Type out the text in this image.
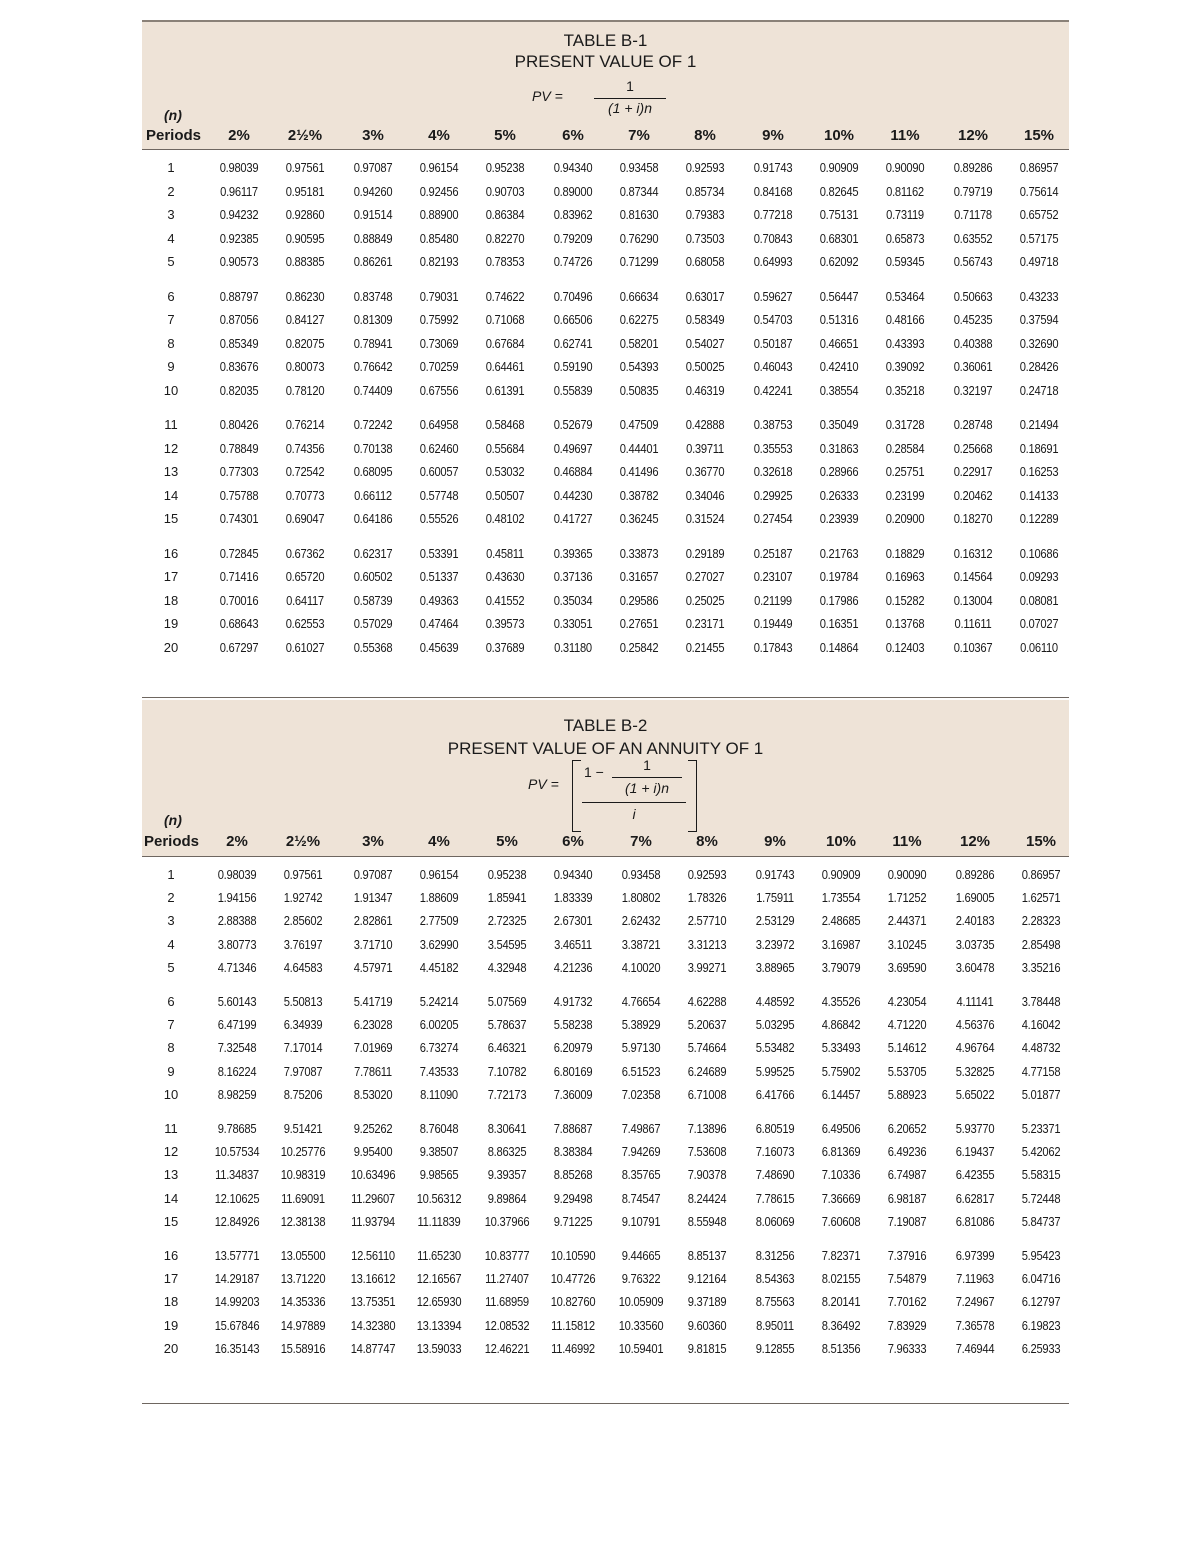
TABLE B-1
PRESENT VALUE OF 1
PV =
1
(1 + i)n
(n)
Periods	2%	2½%	3%	4%	5%	6%	7%	8%	9%	10%	11%	12%	15%
1	0.98039	0.97561	0.97087	0.96154	0.95238	0.94340	0.93458	0.92593	0.91743	0.90909	0.90090	0.89286	0.86957
2	0.96117	0.95181	0.94260	0.92456	0.90703	0.89000	0.87344	0.85734	0.84168	0.82645	0.81162	0.79719	0.75614
3	0.94232	0.92860	0.91514	0.88900	0.86384	0.83962	0.81630	0.79383	0.77218	0.75131	0.73119	0.71178	0.65752
4	0.92385	0.90595	0.88849	0.85480	0.82270	0.79209	0.76290	0.73503	0.70843	0.68301	0.65873	0.63552	0.57175
5	0.90573	0.88385	0.86261	0.82193	0.78353	0.74726	0.71299	0.68058	0.64993	0.62092	0.59345	0.56743	0.49718
6	0.88797	0.86230	0.83748	0.79031	0.74622	0.70496	0.66634	0.63017	0.59627	0.56447	0.53464	0.50663	0.43233
7	0.87056	0.84127	0.81309	0.75992	0.71068	0.66506	0.62275	0.58349	0.54703	0.51316	0.48166	0.45235	0.37594
8	0.85349	0.82075	0.78941	0.73069	0.67684	0.62741	0.58201	0.54027	0.50187	0.46651	0.43393	0.40388	0.32690
9	0.83676	0.80073	0.76642	0.70259	0.64461	0.59190	0.54393	0.50025	0.46043	0.42410	0.39092	0.36061	0.28426
10	0.82035	0.78120	0.74409	0.67556	0.61391	0.55839	0.50835	0.46319	0.42241	0.38554	0.35218	0.32197	0.24718
11	0.80426	0.76214	0.72242	0.64958	0.58468	0.52679	0.47509	0.42888	0.38753	0.35049	0.31728	0.28748	0.21494
12	0.78849	0.74356	0.70138	0.62460	0.55684	0.49697	0.44401	0.39711	0.35553	0.31863	0.28584	0.25668	0.18691
13	0.77303	0.72542	0.68095	0.60057	0.53032	0.46884	0.41496	0.36770	0.32618	0.28966	0.25751	0.22917	0.16253
14	0.75788	0.70773	0.66112	0.57748	0.50507	0.44230	0.38782	0.34046	0.29925	0.26333	0.23199	0.20462	0.14133
15	0.74301	0.69047	0.64186	0.55526	0.48102	0.41727	0.36245	0.31524	0.27454	0.23939	0.20900	0.18270	0.12289
16	0.72845	0.67362	0.62317	0.53391	0.45811	0.39365	0.33873	0.29189	0.25187	0.21763	0.18829	0.16312	0.10686
17	0.71416	0.65720	0.60502	0.51337	0.43630	0.37136	0.31657	0.27027	0.23107	0.19784	0.16963	0.14564	0.09293
18	0.70016	0.64117	0.58739	0.49363	0.41552	0.35034	0.29586	0.25025	0.21199	0.17986	0.15282	0.13004	0.08081
19	0.68643	0.62553	0.57029	0.47464	0.39573	0.33051	0.27651	0.23171	0.19449	0.16351	0.13768	0.11611	0.07027
20	0.67297	0.61027	0.55368	0.45639	0.37689	0.31180	0.25842	0.21455	0.17843	0.14864	0.12403	0.10367	0.06110
TABLE B-2
PRESENT VALUE OF AN ANNUITY OF 1
PV =
1 −	1
(1 + i)n
i
(n)
Periods	2%	2½%	3%	4%	5%	6%	7%	8%	9%	10%	11%	12%	15%
1	0.98039	0.97561	0.97087	0.96154	0.95238	0.94340	0.93458	0.92593	0.91743	0.90909	0.90090	0.89286	0.86957
2	1.94156	1.92742	1.91347	1.88609	1.85941	1.83339	1.80802	1.78326	1.75911	1.73554	1.71252	1.69005	1.62571
3	2.88388	2.85602	2.82861	2.77509	2.72325	2.67301	2.62432	2.57710	2.53129	2.48685	2.44371	2.40183	2.28323
4	3.80773	3.76197	3.71710	3.62990	3.54595	3.46511	3.38721	3.31213	3.23972	3.16987	3.10245	3.03735	2.85498
5	4.71346	4.64583	4.57971	4.45182	4.32948	4.21236	4.10020	3.99271	3.88965	3.79079	3.69590	3.60478	3.35216
6	5.60143	5.50813	5.41719	5.24214	5.07569	4.91732	4.76654	4.62288	4.48592	4.35526	4.23054	4.11141	3.78448
7	6.47199	6.34939	6.23028	6.00205	5.78637	5.58238	5.38929	5.20637	5.03295	4.86842	4.71220	4.56376	4.16042
8	7.32548	7.17014	7.01969	6.73274	6.46321	6.20979	5.97130	5.74664	5.53482	5.33493	5.14612	4.96764	4.48732
9	8.16224	7.97087	7.78611	7.43533	7.10782	6.80169	6.51523	6.24689	5.99525	5.75902	5.53705	5.32825	4.77158
10	8.98259	8.75206	8.53020	8.11090	7.72173	7.36009	7.02358	6.71008	6.41766	6.14457	5.88923	5.65022	5.01877
11	9.78685	9.51421	9.25262	8.76048	8.30641	7.88687	7.49867	7.13896	6.80519	6.49506	6.20652	5.93770	5.23371
12	10.57534	10.25776	9.95400	9.38507	8.86325	8.38384	7.94269	7.53608	7.16073	6.81369	6.49236	6.19437	5.42062
13	11.34837	10.98319	10.63496	9.98565	9.39357	8.85268	8.35765	7.90378	7.48690	7.10336	6.74987	6.42355	5.58315
14	12.10625	11.69091	11.29607	10.56312	9.89864	9.29498	8.74547	8.24424	7.78615	7.36669	6.98187	6.62817	5.72448
15	12.84926	12.38138	11.93794	11.11839	10.37966	9.71225	9.10791	8.55948	8.06069	7.60608	7.19087	6.81086	5.84737
16	13.57771	13.05500	12.56110	11.65230	10.83777	10.10590	9.44665	8.85137	8.31256	7.82371	7.37916	6.97399	5.95423
17	14.29187	13.71220	13.16612	12.16567	11.27407	10.47726	9.76322	9.12164	8.54363	8.02155	7.54879	7.11963	6.04716
18	14.99203	14.35336	13.75351	12.65930	11.68959	10.82760	10.05909	9.37189	8.75563	8.20141	7.70162	7.24967	6.12797
19	15.67846	14.97889	14.32380	13.13394	12.08532	11.15812	10.33560	9.60360	8.95011	8.36492	7.83929	7.36578	6.19823
20	16.35143	15.58916	14.87747	13.59033	12.46221	11.46992	10.59401	9.81815	9.12855	8.51356	7.96333	7.46944	6.25933
